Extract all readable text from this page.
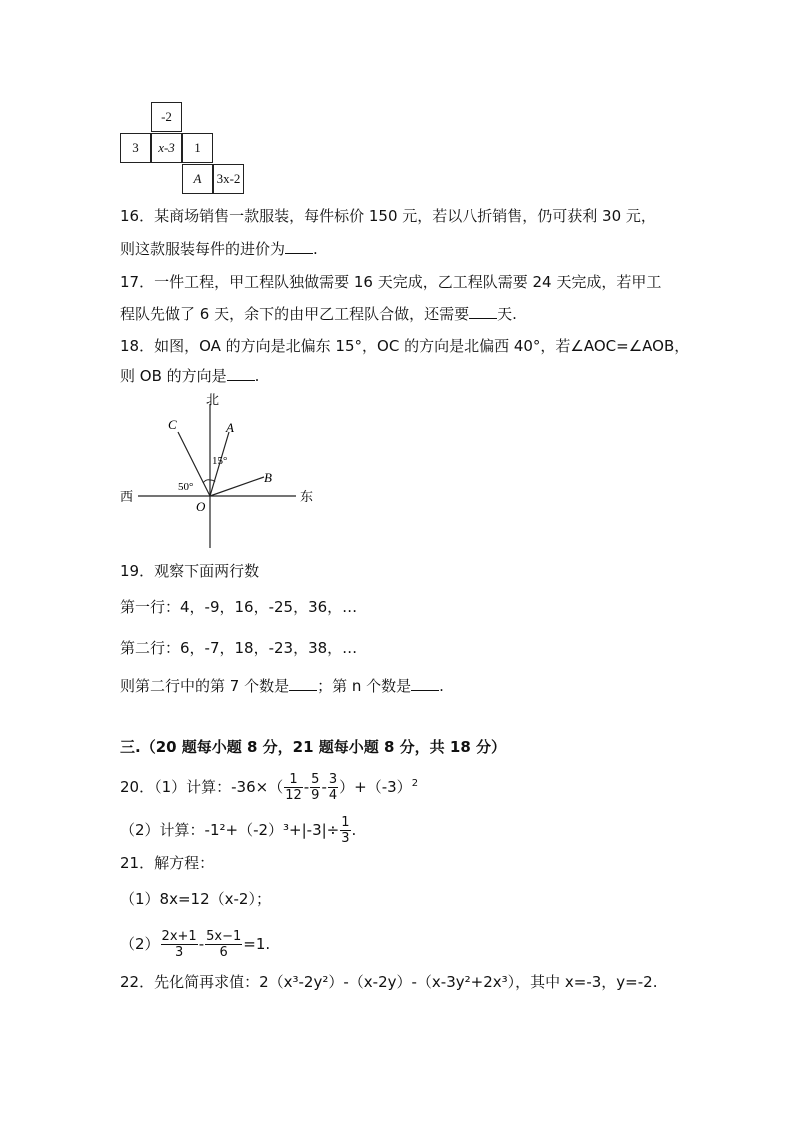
-2
3	x-3	1
A	3x-2
16．某商场销售一款服装，每件标价 150 元，若以八折销售，仍可获利 30 元，
则这款服装每件的进价为 .
17．一件工程，甲工程队独做需要 16 天完成，乙工程队需要 24 天完成，若甲工
程队先做了 6 天，余下的由甲乙工程队合做，还需要 天.
18．如图，OA 的方向是北偏东 15°，OC 的方向是北偏西 40°，若∠AOC=∠AOB，
则 OB 的方向是 .
北
西	东
C	A
B
O
15°
50°
19．观察下面两行数
第一行：4，-9，16，-25，36，…
第二行：6，-7，18，-23，38，…
则第二行中的第 7 个数是 ；第 n 个数是 .
三.（20 题每小题 8 分，21 题每小题 8 分，共 18 分）
20．（1）计算：$-36\times( \frac{1}{12} - \frac{5}{9} - \frac{3}{4} )+(-3)^2$
（2）计算：$-1^2+(-2)^3+|-3|\div \frac{1}{3}$ .
21．解方程：
（1）8x=12（x-2）；
$(2) \frac{2x+1}{3} - \frac{5x-1}{6} =1$.
22．先化简再求值：2（x³-2y²）-（x-2y）-（x-3y²+2x³），其中 x=-3，y=-2.
